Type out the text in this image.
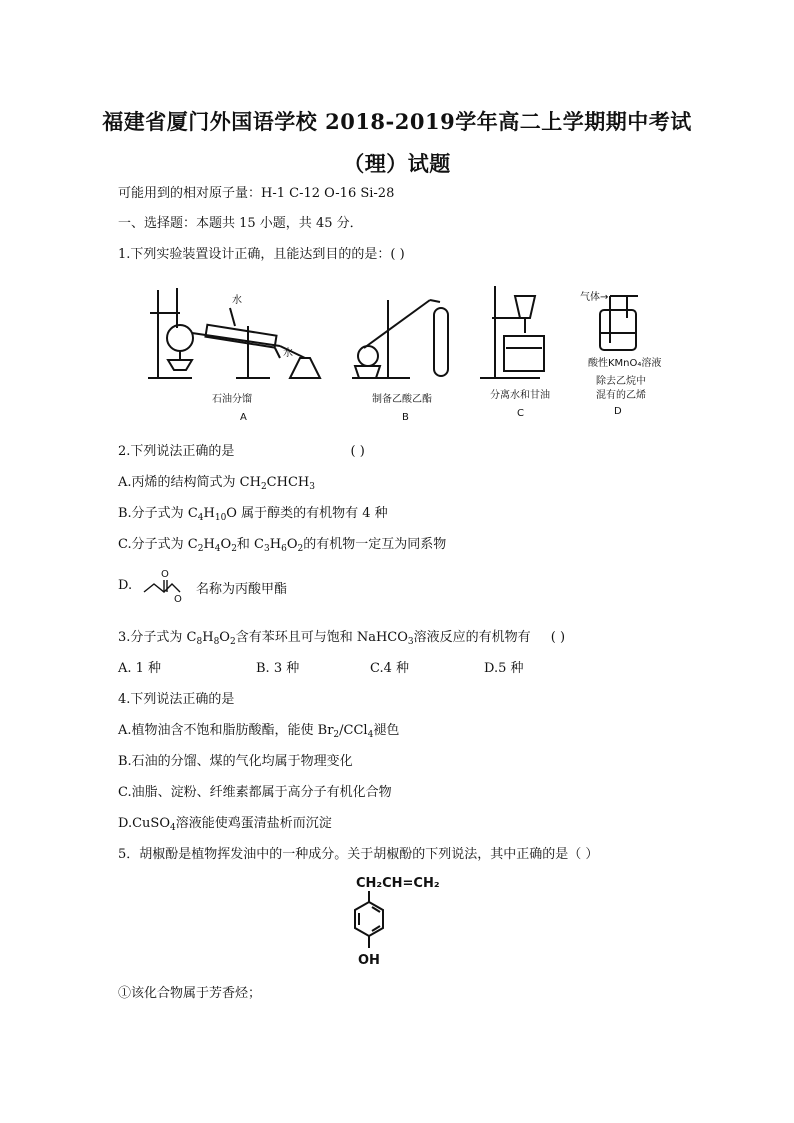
福建省厦门外国语学校 2018-2019学年高二上学期期中考试
（理）试题
可能用到的相对原子量：H-1 C-12 O-16 Si-28
一、选择题：本题共 15 小题，共 45 分．
1.下列实验装置设计正确，且能达到目的的是：( )
水
水
石油分馏
A
制备乙酸乙酯
B
分离水和甘油
C
气体→
酸性KMnO₄溶液
除去乙烷中
混有的乙烯
D
2.下列说法正确的是	( )
A.丙烯的结构简式为 $CH_2CHCH_3$
B.分子式为 $C_4H_{10}O$ 属于醇类的有机物有 4 种
C.分子式为 $C_2H_4O_2$和 $C_3H_6O_2$的有机物一定互为同系物
D.
O
O
名称为丙酸甲酯
3.分子式为 $C_8H_8O_2$含有苯环且可与饱和 NaHCO$_3$溶液反应的有机物有 ( )
A. 1 种	B. 3 种	C.4 种	D.5 种
4.下列说法正确的是
A.植物油含不饱和脂肪酸酯，能使 $Br_2/CCl_4$褪色
B.石油的分馏、煤的气化均属于物理变化
C.油脂、淀粉、纤维素都属于高分子有机化合物
D.CuSO$_4$溶液能使鸡蛋清盐析而沉淀
5．胡椒酚是植物挥发油中的一种成分。关于胡椒酚的下列说法，其中正确的是（ ）
CH₂CH=CH₂
OH
①该化合物属于芳香烃；
